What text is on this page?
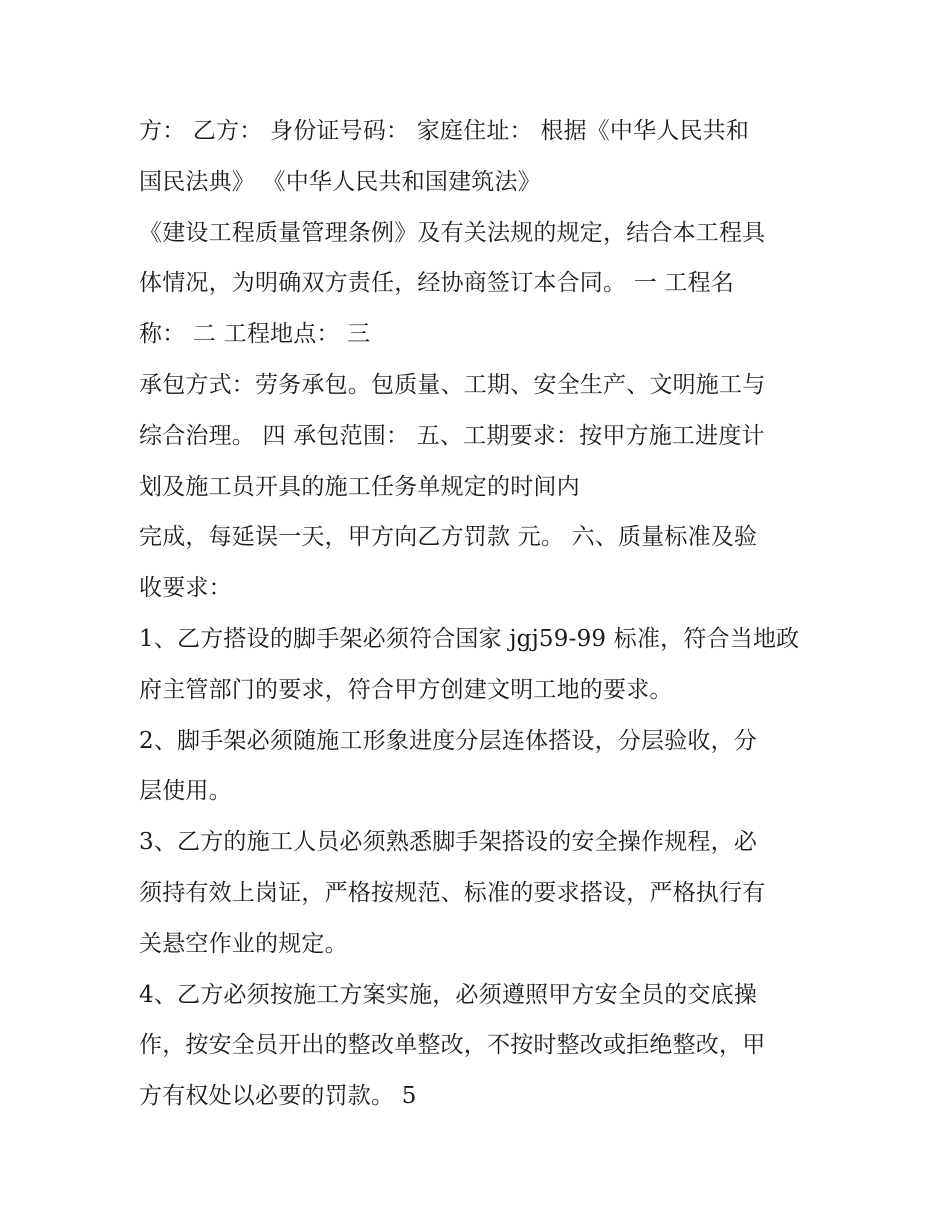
方： 乙方： 身份证号码： 家庭住址： 根据《中华人民共和
国民法典》 《中华人民共和国建筑法》
《建设工程质量管理条例》及有关法规的规定，结合本工程具
体情况，为明确双方责任，经协商签订本合同。 一 工程名
称： 二 工程地点： 三
承包方式：劳务承包。包质量、工期、安全生产、文明施工与
综合治理。 四 承包范围： 五、工期要求：按甲方施工进度计
划及施工员开具的施工任务单规定的时间内
完成，每延误一天，甲方向乙方罚款 元。 六、质量标准及验
收要求：
1、乙方搭设的脚手架必须符合国家 jgj59-99 标准，符合当地政
府主管部门的要求，符合甲方创建文明工地的要求。
2、脚手架必须随施工形象进度分层连体搭设，分层验收，分
层使用。
3、乙方的施工人员必须熟悉脚手架搭设的安全操作规程，必
须持有效上岗证，严格按规范、标准的要求搭设，严格执行有
关悬空作业的规定。
4、乙方必须按施工方案实施，必须遵照甲方安全员的交底操
作，按安全员开出的整改单整改，不按时整改或拒绝整改，甲
方有权处以必要的罚款。 5
